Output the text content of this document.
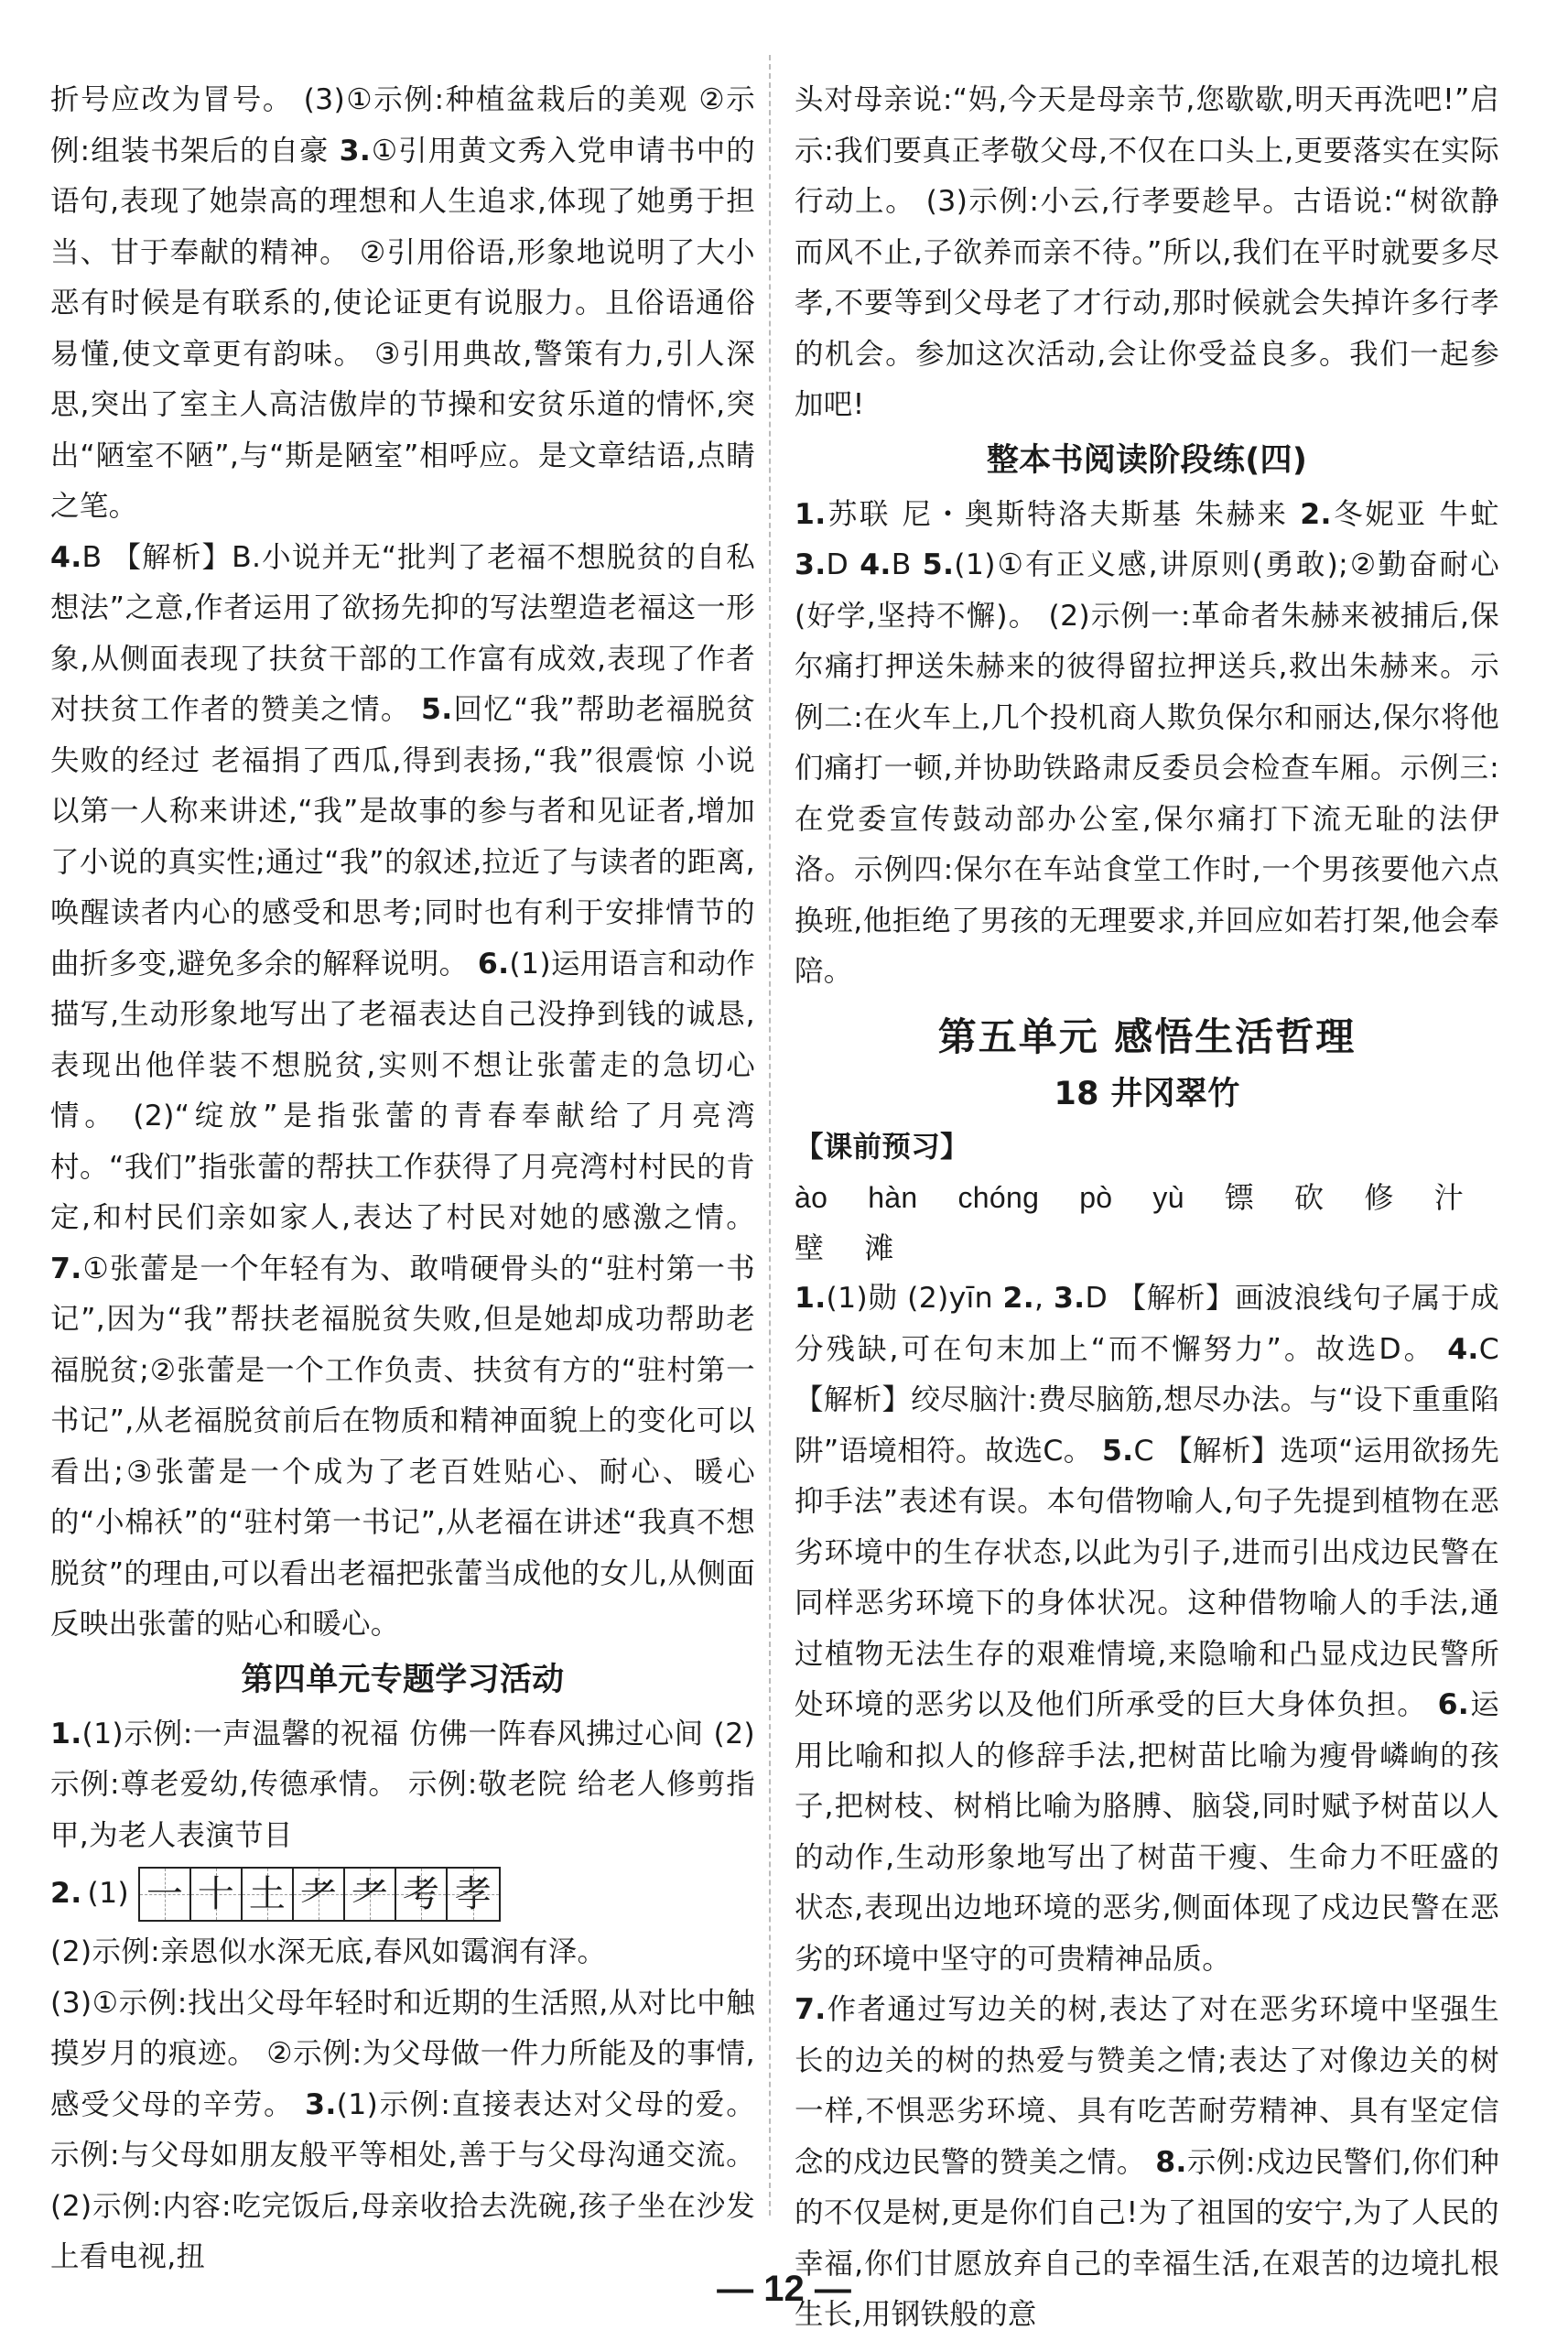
折号应改为冒号。 (3)①示例:种植盆栽后的美观 ②示例:组装书架后的自豪 3.①引用黄文秀入党申请书中的语句,表现了她崇高的理想和人生追求,体现了她勇于担当、甘于奉献的精神。 ②引用俗语,形象地说明了大小恶有时候是有联系的,使论证更有说服力。且俗语通俗易懂,使文章更有韵味。 ③引用典故,警策有力,引人深思,突出了室主人高洁傲岸的节操和安贫乐道的情怀,突出“陋室不陋”,与“斯是陋室”相呼应。是文章结语,点睛之笔。

4.B 【解析】B.小说并无“批判了老福不想脱贫的自私想法”之意,作者运用了欲扬先抑的写法塑造老福这一形象,从侧面表现了扶贫干部的工作富有成效,表现了作者对扶贫工作者的赞美之情。 5.回忆“我”帮助老福脱贫失败的经过 老福捐了西瓜,得到表扬,“我”很震惊 小说以第一人称来讲述,“我”是故事的参与者和见证者,增加了小说的真实性;通过“我”的叙述,拉近了与读者的距离,唤醒读者内心的感受和思考;同时也有利于安排情节的曲折多变,避免多余的解释说明。 6.(1)运用语言和动作描写,生动形象地写出了老福表达自己没挣到钱的诚恳,表现出他佯装不想脱贫,实则不想让张蕾走的急切心情。 (2)“绽放”是指张蕾的青春奉献给了月亮湾村。“我们”指张蕾的帮扶工作获得了月亮湾村村民的肯定,和村民们亲如家人,表达了村民对她的感激之情。 7.①张蕾是一个年轻有为、敢啃硬骨头的“驻村第一书记”,因为“我”帮扶老福脱贫失败,但是她却成功帮助老福脱贫;②张蕾是一个工作负责、扶贫有方的“驻村第一书记”,从老福脱贫前后在物质和精神面貌上的变化可以看出;③张蕾是一个成为了老百姓贴心、耐心、暖心的“小棉袄”的“驻村第一书记”,从老福在讲述“我真不想脱贫”的理由,可以看出老福把张蕾当成他的女儿,从侧面反映出张蕾的贴心和暖心。

第四单元专题学习活动

1.(1)示例:一声温馨的祝福 仿佛一阵春风拂过心间 (2)示例:尊老爱幼,传德承情。 示例:敬老院 给老人修剪指甲,为老人表演节目

2. (1) 一 十 土 耂 耂 考 孝

(2)示例:亲恩似水深无底,春风如霭润有泽。

(3)①示例:找出父母年轻时和近期的生活照,从对比中触摸岁月的痕迹。 ②示例:为父母做一件力所能及的事情,感受父母的辛劳。 3.(1)示例:直接表达对父母的爱。 示例:与父母如朋友般平等相处,善于与父母沟通交流。 (2)示例:内容:吃完饭后,母亲收拾去洗碗,孩子坐在沙发上看电视,扭

头对母亲说:“妈,今天是母亲节,您歇歇,明天再洗吧!”启示:我们要真正孝敬父母,不仅在口头上,更要落实在实际行动上。 (3)示例:小云,行孝要趁早。古语说:“树欲静而风不止,子欲养而亲不待。”所以,我们在平时就要多尽孝,不要等到父母老了才行动,那时候就会失掉许多行孝的机会。参加这次活动,会让你受益良多。我们一起参加吧!

整本书阅读阶段练(四)

1.苏联 尼・奥斯特洛夫斯基 朱赫来 2.冬妮亚 牛虻 3.D 4.B 5.(1)①有正义感,讲原则(勇敢);②勤奋耐心(好学,坚持不懈)。 (2)示例一:革命者朱赫来被捕后,保尔痛打押送朱赫来的彼得留拉押送兵,救出朱赫来。示例二:在火车上,几个投机商人欺负保尔和丽达,保尔将他们痛打一顿,并协助铁路肃反委员会检查车厢。示例三:在党委宣传鼓动部办公室,保尔痛打下流无耻的法伊洛。示例四:保尔在车站食堂工作时,一个男孩要他六点换班,他拒绝了男孩的无理要求,并回应如若打架,他会奉陪。

第五单元 感悟生活哲理
18 井冈翠竹

【课前预习】

ào hàn chóng pò yù 镖 砍 修 汁
壁 滩

1.(1)勋 (2)yīn 2., 3.D 【解析】画波浪线句子属于成分残缺,可在句末加上“而不懈努力”。故选D。 4.C 【解析】绞尽脑汁:费尽脑筋,想尽办法。与“设下重重陷阱”语境相符。故选C。 5.C 【解析】选项“运用欲扬先抑手法”表述有误。本句借物喻人,句子先提到植物在恶劣环境中的生存状态,以此为引子,进而引出戍边民警在同样恶劣环境下的身体状况。这种借物喻人的手法,通过植物无法生存的艰难情境,来隐喻和凸显戍边民警所处环境的恶劣以及他们所承受的巨大身体负担。 6.运用比喻和拟人的修辞手法,把树苗比喻为瘦骨嶙峋的孩子,把树枝、树梢比喻为胳膊、脑袋,同时赋予树苗以人的动作,生动形象地写出了树苗干瘦、生命力不旺盛的状态,表现出边地环境的恶劣,侧面体现了戍边民警在恶劣的环境中坚守的可贵精神品质。

7.作者通过写边关的树,表达了对在恶劣环境中坚强生长的边关的树的热爱与赞美之情;表达了对像边关的树一样,不惧恶劣环境、具有吃苦耐劳精神、具有坚定信念的戍边民警的赞美之情。 8.示例:戍边民警们,你们种的不仅是树,更是你们自己!为了祖国的安宁,为了人民的幸福,你们甘愿放弃自己的幸福生活,在艰苦的边境扎根生长,用钢铁般的意

— 12 —
